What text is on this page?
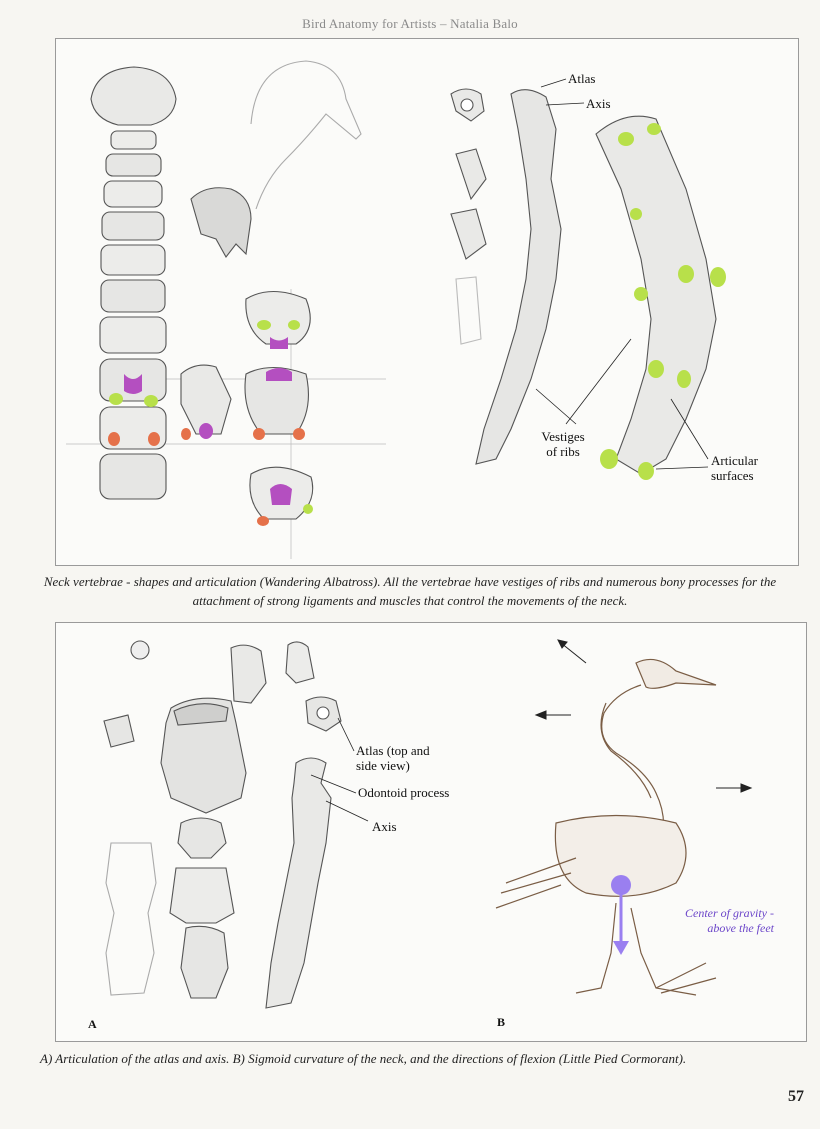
Bird Anatomy for Artists – Natalia Balo
Atlas
Axis
Vestiges
of ribs
Articular
surfaces
Neck vertebrae - shapes and articulation (Wandering Albatross). All the vertebrae have vestiges of ribs and numerous bony processes for the attachment of strong ligaments and muscles that control the movements of the neck.
Atlas (top and
side view)
Odontoid process
Axis
Center of gravity -
above the feet
A	B
A) Articulation of the atlas and axis. B) Sigmoid curvature of the neck, and the directions of flexion (Little Pied Cormorant).
57
